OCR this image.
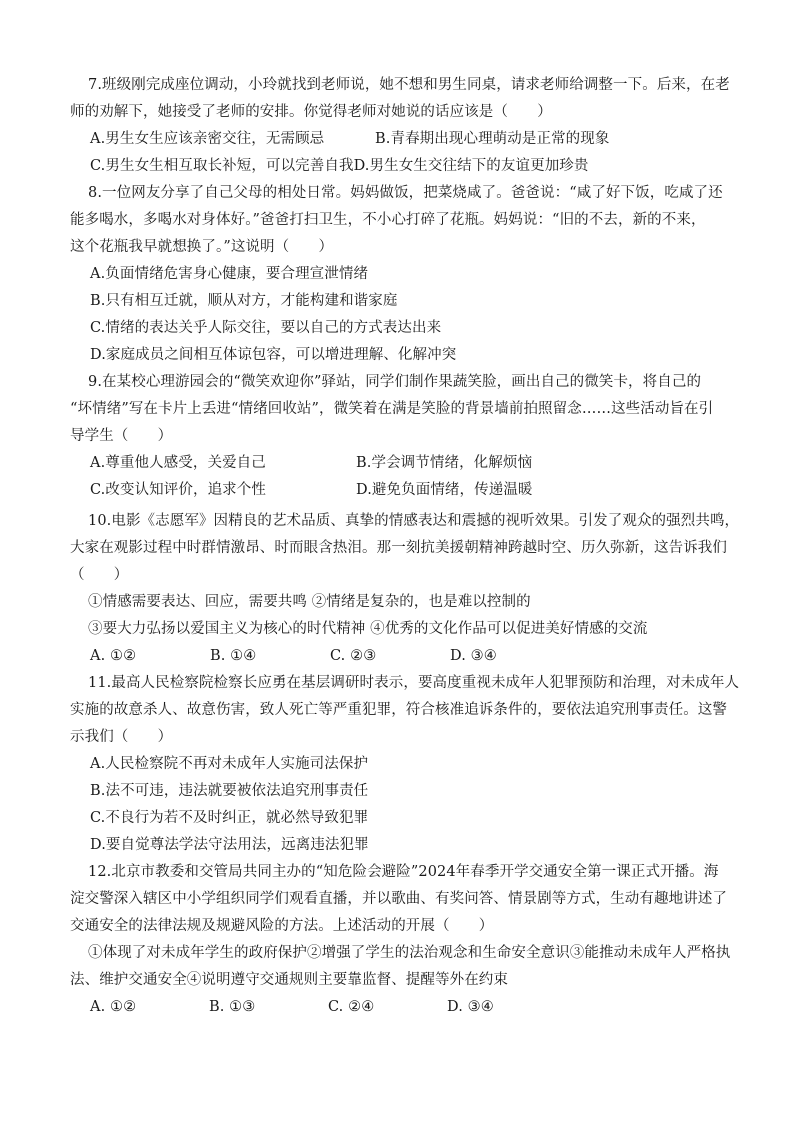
7.班级刚完成座位调动，小玲就找到老师说，她不想和男生同桌，请求老师给调整一下。后来，在老

师的劝解下，她接受了老师的安排。你觉得老师对她说的话应该是（　　）

A.男生女生应该亲密交往，无需顾忌	B.青春期出现心理萌动是正常的现象
C.男生女生相互取长补短，可以完善自我D.男生女生交往结下的友谊更加珍贵

8.一位网友分享了自己父母的相处日常。妈妈做饭，把菜烧咸了。爸爸说：“咸了好下饭，吃咸了还

能多喝水，多喝水对身体好。”爸爸打扫卫生，不小心打碎了花瓶。妈妈说：“旧的不去，新的不来，

这个花瓶我早就想换了。”这说明（　　）

A.负面情绪危害身心健康，要合理宣泄情绪

B.只有相互迁就，顺从对方，才能构建和谐家庭

C.情绪的表达关乎人际交往，要以自己的方式表达出来

D.家庭成员之间相互体谅包容，可以增进理解、化解冲突

9.在某校心理游园会的“微笑欢迎你”驿站，同学们制作果蔬笑脸，画出自己的微笑卡，将自己的

“坏情绪”写在卡片上丢进“情绪回收站”，微笑着在满是笑脸的背景墙前拍照留念……这些活动旨在引

导学生（　　）

A.尊重他人感受，关爱自己	B.学会调节情绪，化解烦恼
C.改变认知评价，追求个性	D.避免负面情绪，传递温暖

10.电影《志愿军》因精良的艺术品质、真挚的情感表达和震撼的视听效果。引发了观众的强烈共鸣，

大家在观影过程中时群情激昂、时而眼含热泪。那一刻抗美援朝精神跨越时空、历久弥新，这告诉我们

（　　）

①情感需要表达、回应，需要共鸣 ②情绪是复杂的，也是难以控制的

③要大力弘扬以爱国主义为核心的时代精神 ④优秀的文化作品可以促进美好情感的交流

A. ①②	B. ①④	C. ②③	D. ③④

11.最高人民检察院检察长应勇在基层调研时表示，要高度重视未成年人犯罪预防和治理，对未成年人

实施的故意杀人、故意伤害，致人死亡等严重犯罪，符合核准追诉条件的，要依法追究刑事责任。这警

示我们（　　）

A.人民检察院不再对未成年人实施司法保护

B.法不可违，违法就要被依法追究刑事责任

C.不良行为若不及时纠正，就必然导致犯罪

D.要自觉尊法学法守法用法，远离违法犯罪

12.北京市教委和交管局共同主办的“知危险会避险”2024年春季开学交通安全第一课正式开播。海

淀交警深入辖区中小学组织同学们观看直播，并以歌曲、有奖问答、情景剧等方式，生动有趣地讲述了

交通安全的法律法规及规避风险的方法。上述活动的开展（　　）

①体现了对未成年学生的政府保护②增强了学生的法治观念和生命安全意识③能推动未成年人严格执

法、维护交通安全④说明遵守交通规则主要靠监督、提醒等外在约束

A. ①②	B. ①③	C. ②④	D. ③④
